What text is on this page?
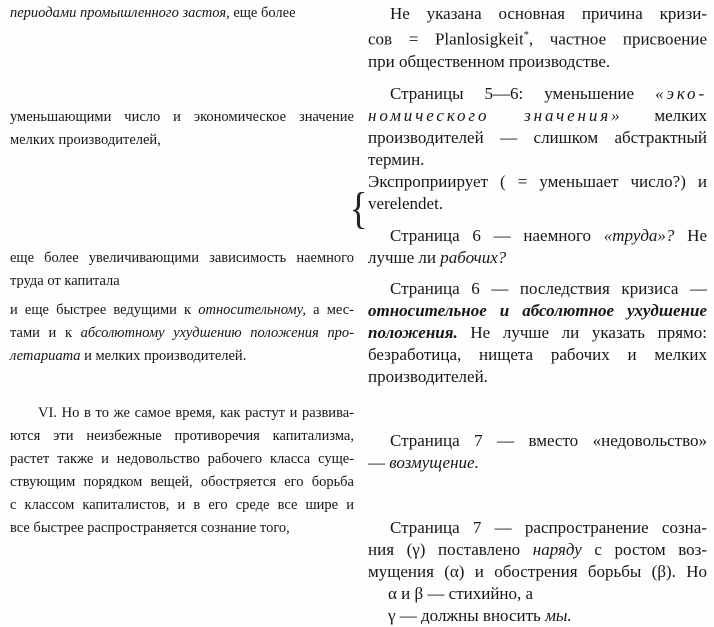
периодами промышленного застоя, еще более

уменьшающими число и экономическое значение

мелких производителей,

еще более увеличивающими зависимость наемного

труда от капитала

и еще быстрее ведущими к относительному, а мес-

тами и к абсолютному ухудшению положения про-

летариата и мелких производителей.

VI. Но в то же самое время, как растут и развива-

ются эти неизбежные противоречия капитализма,

растет также и недовольство рабочего класса суще-

ствующим порядком вещей, обостряется его борьба

с классом капиталистов, и в его среде все шире и

все быстрее распространяется сознание того,

{

Не указана основная причина кризи-

сов = Planlosigkeit*, частное присвоение

при общественном производстве.

Страницы 5—6: уменьшение «эко-

номического значения» мелких

производителей — слишком абстрактный

термин.

Экспроприирует ( = уменьшает число?) и

verelendet.

Страница 6 — наемного «труда»? Не

лучше ли рабочих?

Страница 6 — последствия кризиса —

относительное и абсолютное ухудшение

положения. Не лучше ли указать прямо:

безработица, нищета рабочих и мелких

производителей.

Страница 7 — вместо «недовольство»

— возмущение.

Страница 7 — распространение созна-

ния (γ) поставлено наряду с ростом воз-

мущения (α) и обострения борьбы (β). Но

α и β — стихийно, а

γ — должны вносить мы.
